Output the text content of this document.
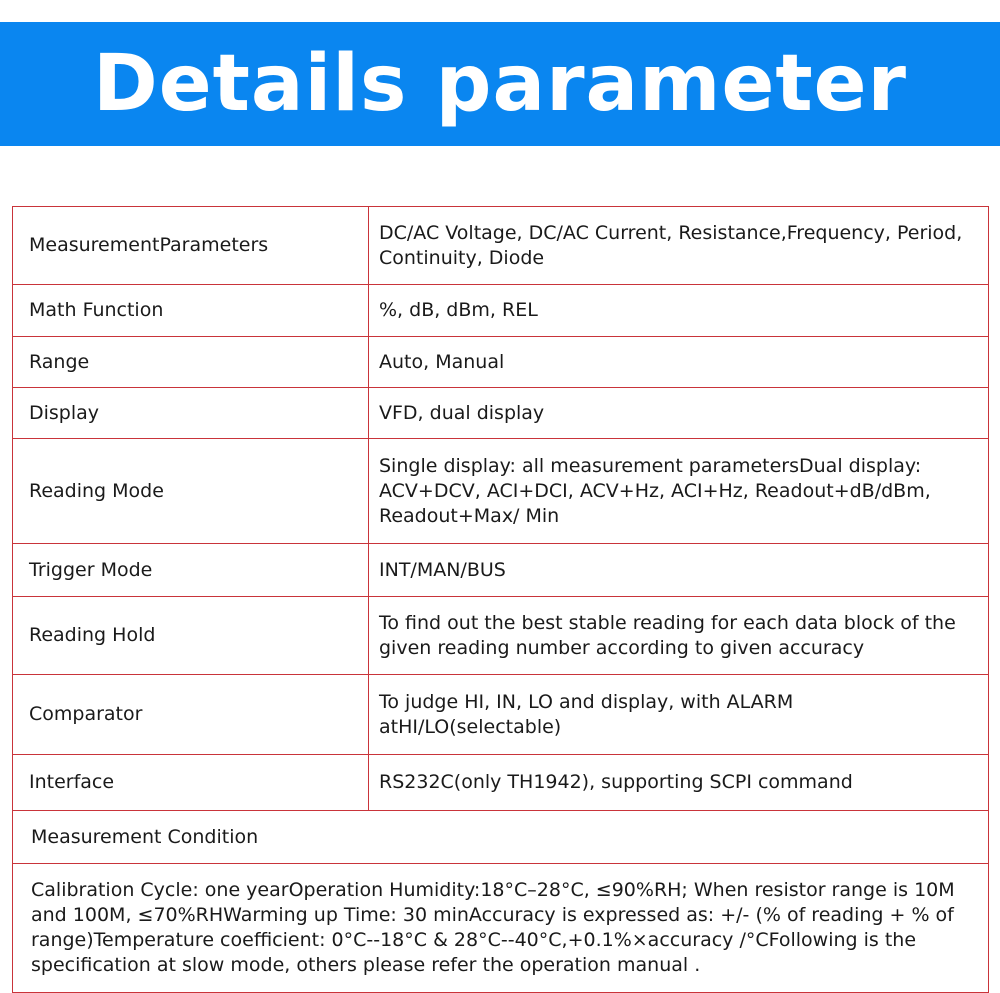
Details parameter
MeasurementParameters	DC/AC Voltage, DC/AC Current, Resistance,Frequency, Period, Continuity, Diode
Math Function	%, dB, dBm, REL
Range	Auto, Manual
Display	VFD, dual display
Reading Mode	Single display: all measurement parametersDual display: ACV+DCV, ACI+DCI, ACV+Hz, ACI+Hz, Readout+dB/dBm, Readout+Max/ Min
Trigger Mode	INT/MAN/BUS
Reading Hold	To find out the best stable reading for each data block of the given reading number according to given accuracy
Comparator	To judge HI, IN, LO and display, with ALARM atHI/LO(selectable)
Interface	RS232C(only TH1942), supporting SCPI command
Measurement Condition	
Calibration Cycle: one yearOperation Humidity:18°C–28°C, ≤90%RH; When resistor range is 10M and 100M, ≤70%RHWarming up Time: 30 minAccuracy is expressed as: +/- (% of reading + % of range)Temperature coefficient: 0°C--18°C & 28°C--40°C,+0.1%×accuracy /°CFollowing is the specification at slow mode, others please refer the operation manual .	
